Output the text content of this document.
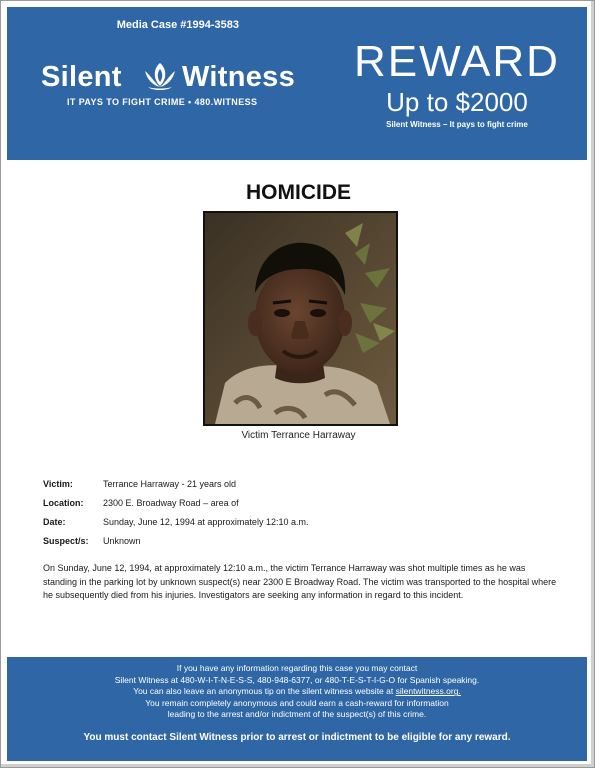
Media Case #1994-3583
Silent Witness
IT PAYS TO FIGHT CRIME • 480.WITNESS
REWARD
Up to $2000
Silent Witness – It pays to fight crime
HOMICIDE
Victim Terrance Harraway
Victim:	Terrance Harraway - 21 years old
Location: 2300 E. Broadway Road – area of
Date:	Sunday, June 12, 1994 at approximately 12:10 a.m.
Suspect/s: Unknown
On Sunday, June 12, 1994, at approximately 12:10 a.m., the victim Terrance Harraway was shot multiple times as he was standing in the parking lot by unknown suspect(s) near 2300 E Broadway Road. The victim was transported to the hospital where he subsequently died from his injuries. Investigators are seeking any information in regard to this incident.
If you have any information regarding this case you may contact
Silent Witness at 480-W-I-T-N-E-S-S, 480-948-6377, or 480-T-E-S-T-I-G-O for Spanish speaking.
You can also leave an anonymous tip on the silent witness website at silentwitness.org.
You remain completely anonymous and could earn a cash-reward for information
leading to the arrest and/or indictment of the suspect(s) of this crime.
You must contact Silent Witness prior to arrest or indictment to be eligible for any reward.
